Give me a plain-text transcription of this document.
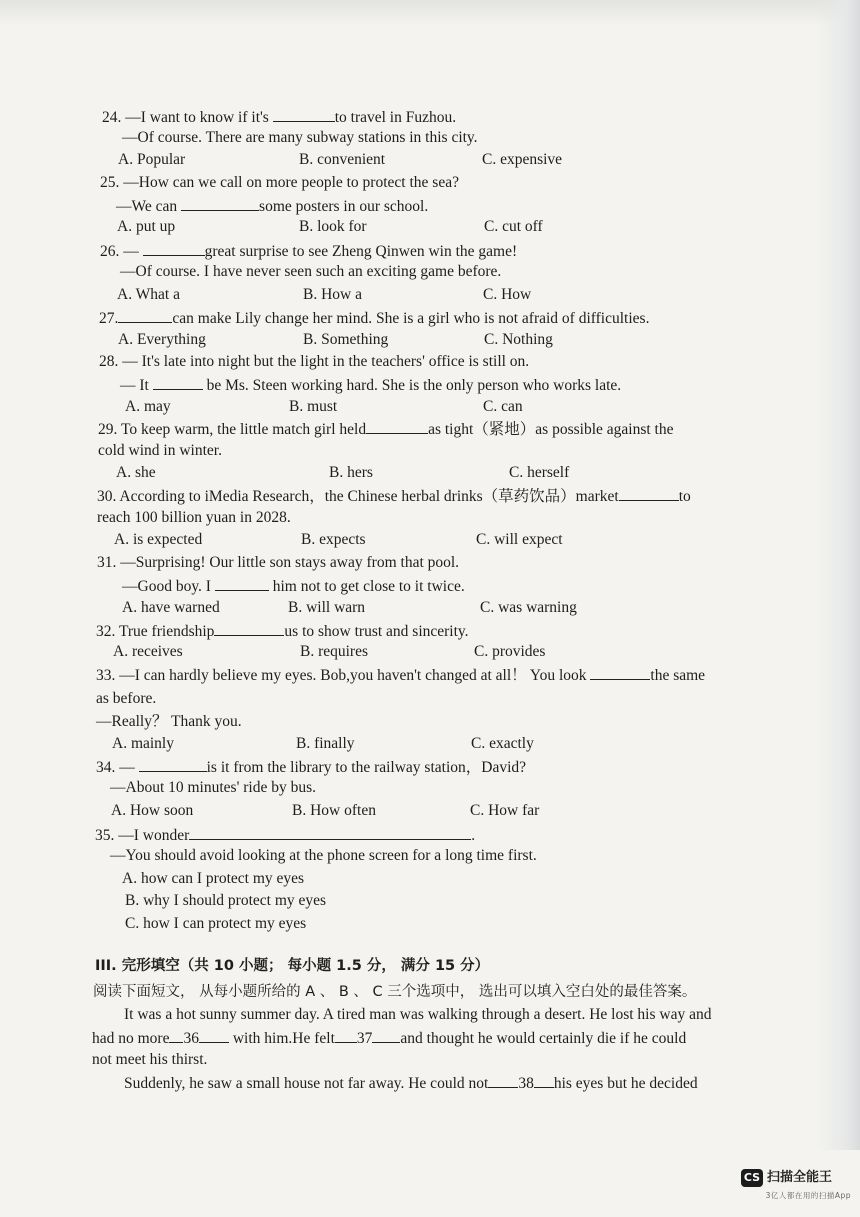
24. —I want to know if it's	to travel in Fuzhou.
—Of course. There are many subway stations in this city.
A. Popular	B. convenient	C. expensive
25. —How can we call on more people to protect the sea?
—We can	some posters in our school.
A. put up	B. look for	C. cut off
26. —	great surprise to see Zheng Qinwen win the game!
—Of course. I have never seen such an exciting game before.
A. What a	B. How a	C. How
27.	can make Lily change her mind. She is a girl who is not afraid of difficulties.
A. Everything	B. Something	C. Nothing
28. — It's late into night but the light in the teachers' office is still on.
— It	be Ms. Steen working hard. She is the only person who works late.
A. may	B. must	C. can
29. To keep warm, the little match girl held	as tight（紧地）as possible against the
cold wind in winter.
A. she	B. hers	C. herself
30. According to iMedia Research，the Chinese herbal drinks（草药饮品）market	to
reach 100 billion yuan in 2028.
A. is expected	B. expects	C. will expect
31. —Surprising! Our little son stays away from that pool.
—Good boy. I	him not to get close to it twice.
A. have warned	B. will warn	C. was warning
32. True friendship	us to show trust and sincerity.
A. receives	B. requires	C. provides
33. —I can hardly believe my eyes. Bob,you haven't changed at all！ You look	the same
as before.
—Really？ Thank you.
A. mainly	B. finally	C. exactly
34. —	is it from the library to the railway station，David?
—About 10 minutes' ride by bus.
A. How soon	B. How often	C. How far
35. —I wonder	.
—You should avoid looking at the phone screen for a long time first.
A. how can I protect my eyes
B. why I should protect my eyes
C. how I can protect my eyes
III. 完形填空（共 10 小题； 每小题 1.5 分， 满分 15 分）
阅读下面短文， 从每小题所给的 A 、 B 、 C 三个选项中， 选出可以填入空白处的最佳答案。
It was a hot sunny summer day. A tired man was walking through a desert. He lost his way and
had no more 36 with him.He felt 37 and thought he would certainly die if he could
not meet his thirst.
Suddenly, he saw a small house not far away. He could not 38 his eyes but he decided
CS 扫描全能王
3亿人都在用的扫描App
